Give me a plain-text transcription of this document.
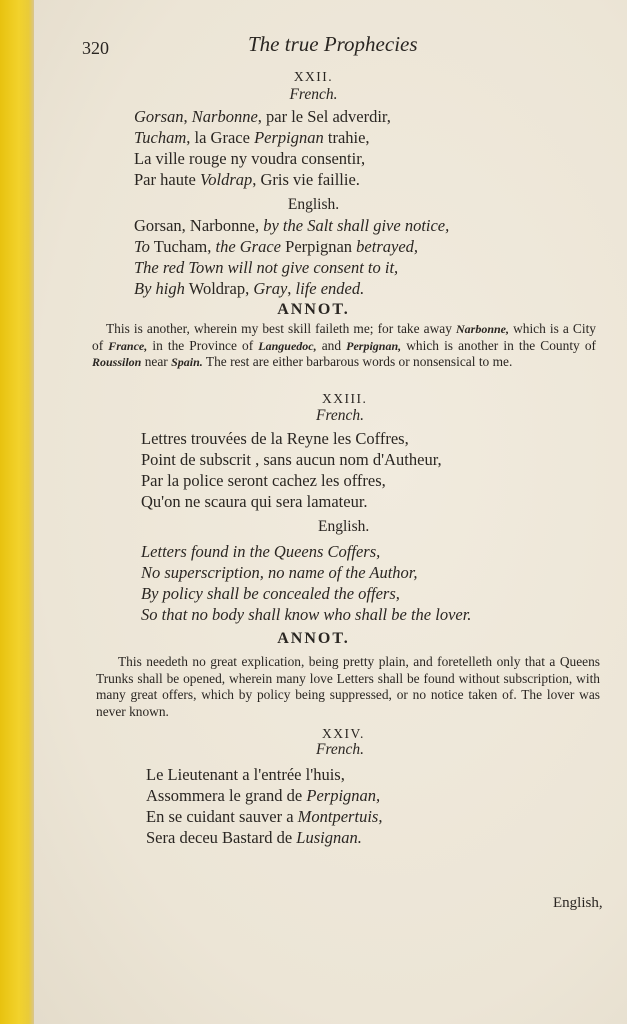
320	The true Prophecies
XXII.
French.
Gorsan, Narbonne, par le Sel adverdir,
Tucham, la Grace Perpignan trahie,
La ville rouge ny voudra consentir,
Par haute Voldrap, Gris vie faillie.
English.
Gorsan, Narbonne, by the Salt shall give notice,
To Tucham, the Grace Perpignan betrayed,
The red Town will not give consent to it,
By high Woldrap, Gray, life ended.
ANNOT.
This is another, wherein my best skill faileth me; for take away Narbonne, which is a City of France, in the Province of Languedoc, and Perpignan, which is another in the County of Roussilon near Spain. The rest are either barbarous words or nonsensical to me.
XXIII.
French.
Lettres trouvées de la Reyne les Coffres,
Point de subscrit , sans aucun nom d'Autheur,
Par la police seront cachez les offres,
Qu'on ne scaura qui sera lamateur.
English.
Letters found in the Queens Coffers,
No superscription, no name of the Author,
By policy shall be concealed the offers,
So that no body shall know who shall be the lover.
ANNOT.
This needeth no great explication, being pretty plain, and foretelleth only that a Queens Trunks shall be opened, wherein many love Letters shall be found without subscription, with many great offers, which by policy being suppressed, or no notice taken of. The lover was never known.
XXIV.
French.
Le Lieutenant a l'entrée l'huis,
Assommera le grand de Perpignan,
En se cuidant sauver a Montpertuis,
Sera deceu Bastard de Lusignan.
English,
